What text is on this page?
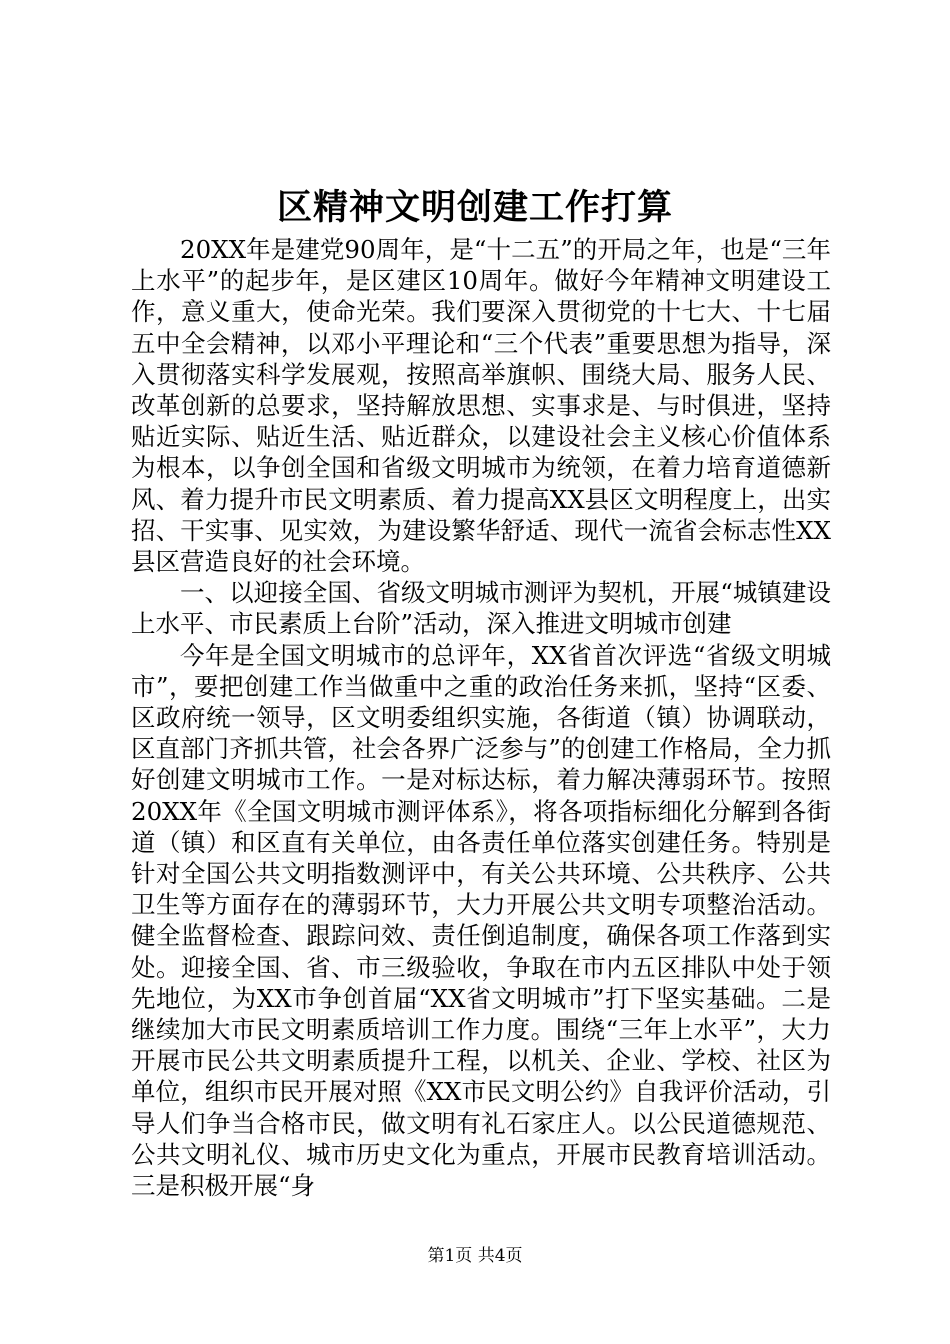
区精神文明创建工作打算

20XX年是建党90周年，是“十二五”的开局之年，也是“三年上水平”的起步年，是区建区10周年。做好今年精神文明建设工作，意义重大，使命光荣。我们要深入贯彻党的十七大、十七届五中全会精神，以邓小平理论和“三个代表”重要思想为指导，深入贯彻落实科学发展观，按照高举旗帜、围绕大局、服务人民、改革创新的总要求，坚持解放思想、实事求是、与时俱进，坚持贴近实际、贴近生活、贴近群众，以建设社会主义核心价值体系为根本，以争创全国和省级文明城市为统领，在着力培育道德新风、着力提升市民文明素质、着力提高XX县区文明程度上，出实招、干实事、见实效，为建设繁华舒适、现代一流省会标志性XX县区营造良好的社会环境。

一、以迎接全国、省级文明城市测评为契机，开展“城镇建设上水平、市民素质上台阶”活动，深入推进文明城市创建

今年是全国文明城市的总评年，XX省首次评选“省级文明城市”，要把创建工作当做重中之重的政治任务来抓，坚持“区委、区政府统一领导，区文明委组织实施，各街道（镇）协调联动，区直部门齐抓共管，社会各界广泛参与”的创建工作格局，全力抓好创建文明城市工作。一是对标达标，着力解决薄弱环节。按照20XX年《全国文明城市测评体系》，将各项指标细化分解到各街道（镇）和区直有关单位，由各责任单位落实创建任务。特别是针对全国公共文明指数测评中，有关公共环境、公共秩序、公共卫生等方面存在的薄弱环节，大力开展公共文明专项整治活动。健全监督检查、跟踪问效、责任倒追制度，确保各项工作落到实处。迎接全国、省、市三级验收，争取在市内五区排队中处于领先地位，为XX市争创首届“XX省文明城市”打下坚实基础。二是继续加大市民文明素质培训工作力度。围绕“三年上水平”，大力开展市民公共文明素质提升工程，以机关、企业、学校、社区为单位，组织市民开展对照《XX市民文明公约》自我评价活动，引导人们争当合格市民，做文明有礼石家庄人。以公民道德规范、公共文明礼仪、城市历史文化为重点，开展市民教育培训活动。三是积极开展“身

第1页 共4页
